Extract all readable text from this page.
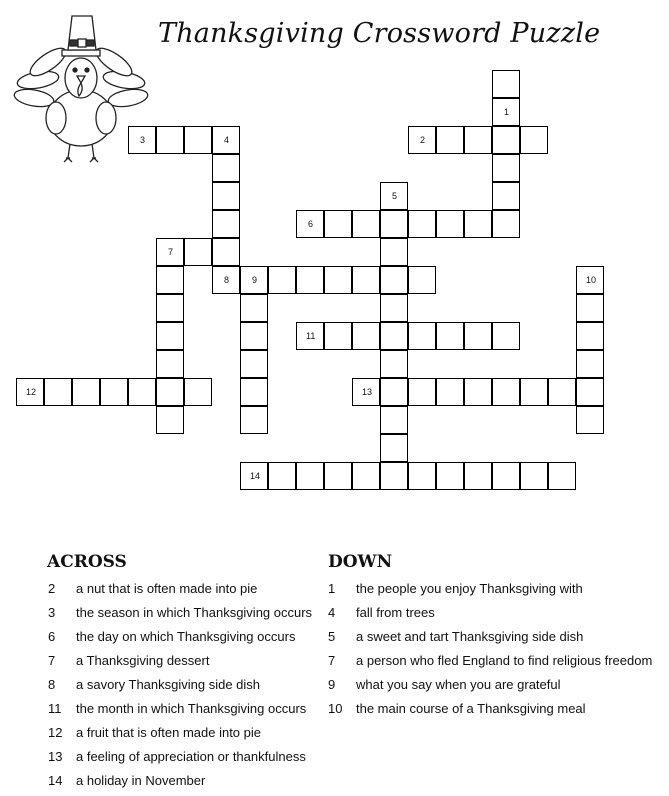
Thanksgiving Crossword Puzzle
1
2
3	4
5
6
7
8	9	10
11
12	13
14
ACROSS	DOWN
2 a nut that is often made into pie
3 the season in which Thanksgiving occurs
6 the day on which Thanksgiving occurs
7 a Thanksgiving dessert
8 a savory Thanksgiving side dish
11 the month in which Thanksgiving occurs
12 a fruit that is often made into pie
13 a feeling of appreciation or thankfulness
14 a holiday in November
1 the people you enjoy Thanksgiving with
4 fall from trees
5 a sweet and tart Thanksgiving side dish
7 a person who fled England to find religious freedom
9 what you say when you are grateful
10 the main course of a Thanksgiving meal
